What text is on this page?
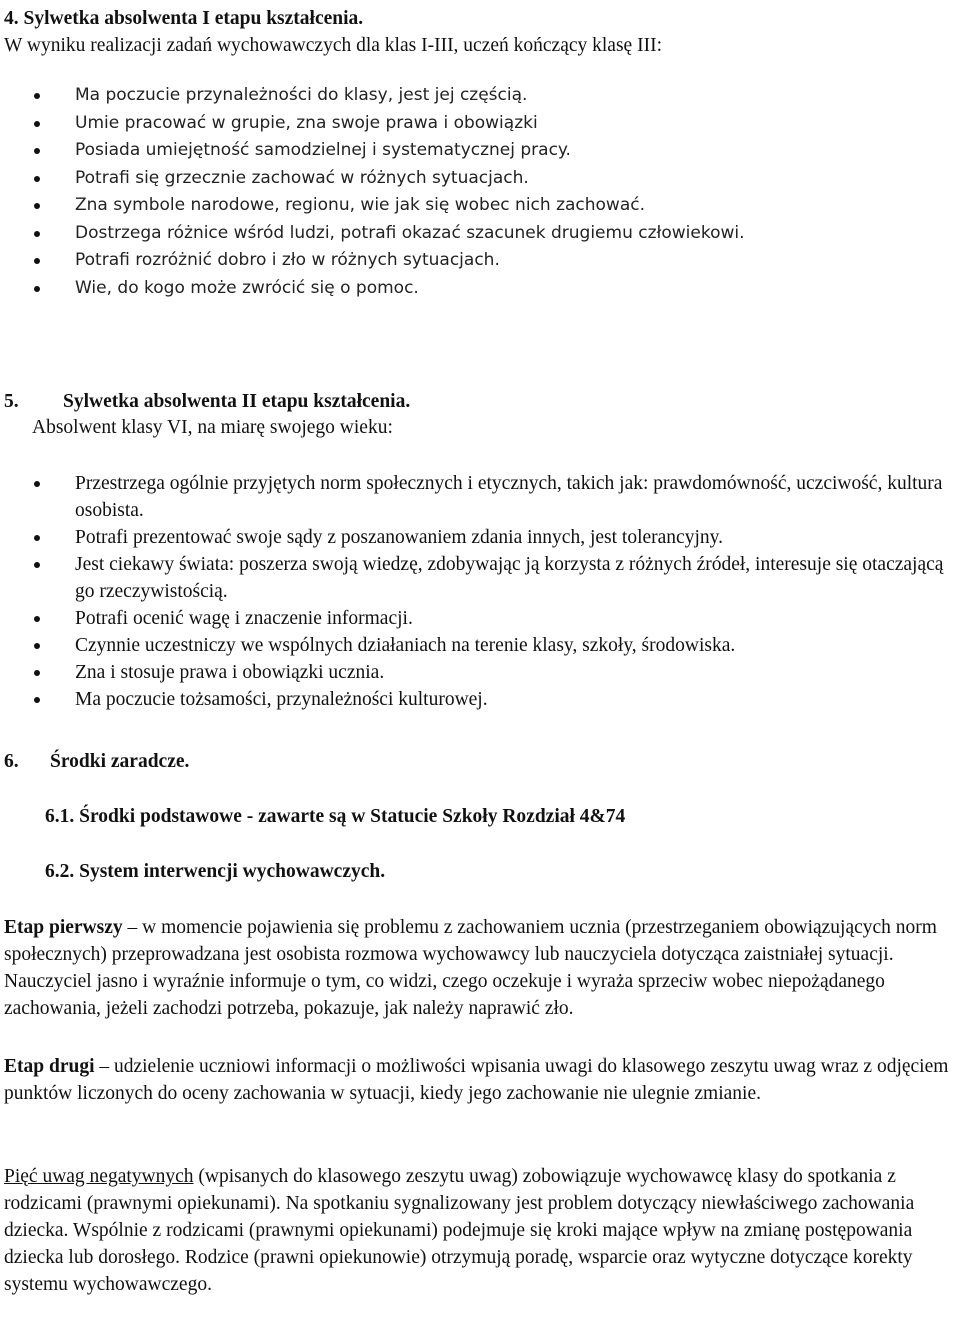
4. Sylwetka absolwenta I etapu kształcenia.
W wyniku realizacji zadań wychowawczych dla klas I-III, uczeń kończący klasę III:
Ma poczucie przynależności do klasy, jest jej częścią.
Umie pracować w grupie, zna swoje prawa i obowiązki
Posiada umiejętność samodzielnej i systematycznej pracy.
Potrafi się grzecznie zachować w różnych sytuacjach.
Zna symbole narodowe, regionu, wie jak się wobec nich zachować.
Dostrzega różnice wśród ludzi, potrafi okazać szacunek drugiemu człowiekowi.
Potrafi rozróżnić dobro i zło w różnych sytuacjach.
Wie, do kogo może zwrócić się o pomoc.
5. Sylwetka absolwenta II etapu kształcenia.
Absolwent klasy VI, na miarę swojego wieku:
Przestrzega ogólnie przyjętych norm społecznych i etycznych, takich jak: prawdomówność, uczciwość, kultura osobista.
Potrafi prezentować swoje sądy z poszanowaniem zdania innych, jest tolerancyjny.
Jest ciekawy świata: poszerza swoją wiedzę, zdobywając ją korzysta z różnych źródeł, interesuje się otaczającą go rzeczywistością.
Potrafi ocenić wagę i znaczenie informacji.
Czynnie uczestniczy we wspólnych działaniach na terenie klasy, szkoły, środowiska.
Zna i stosuje prawa i obowiązki ucznia.
Ma poczucie tożsamości, przynależności kulturowej.
6. Środki zaradcze.
6.1. Środki podstawowe - zawarte są w Statucie Szkoły Rozdział 4&74
6.2. System interwencji wychowawczych.
Etap pierwszy – w momencie pojawienia się problemu z zachowaniem ucznia (przestrzeganiem obowiązujących norm społecznych) przeprowadzana jest osobista rozmowa wychowawcy lub nauczyciela dotycząca zaistniałej sytuacji. Nauczyciel jasno i wyraźnie informuje o tym, co widzi, czego oczekuje i wyraża sprzeciw wobec niepożądanego zachowania, jeżeli zachodzi potrzeba, pokazuje, jak należy naprawić zło.
Etap drugi – udzielenie uczniowi informacji o możliwości wpisania uwagi do klasowego zeszytu uwag wraz z odjęciem punktów liczonych do oceny zachowania w sytuacji, kiedy jego zachowanie nie ulegnie zmianie.
Pięć uwag negatywnych (wpisanych do klasowego zeszytu uwag) zobowiązuje wychowawcę klasy do spotkania z rodzicami (prawnymi opiekunami). Na spotkaniu sygnalizowany jest problem dotyczący niewłaściwego zachowania dziecka. Wspólnie z rodzicami (prawnymi opiekunami) podejmuje się kroki mające wpływ na zmianę postępowania dziecka lub dorosłego. Rodzice (prawni opiekunowie) otrzymują poradę, wsparcie oraz wytyczne dotyczące korekty systemu wychowawczego.
